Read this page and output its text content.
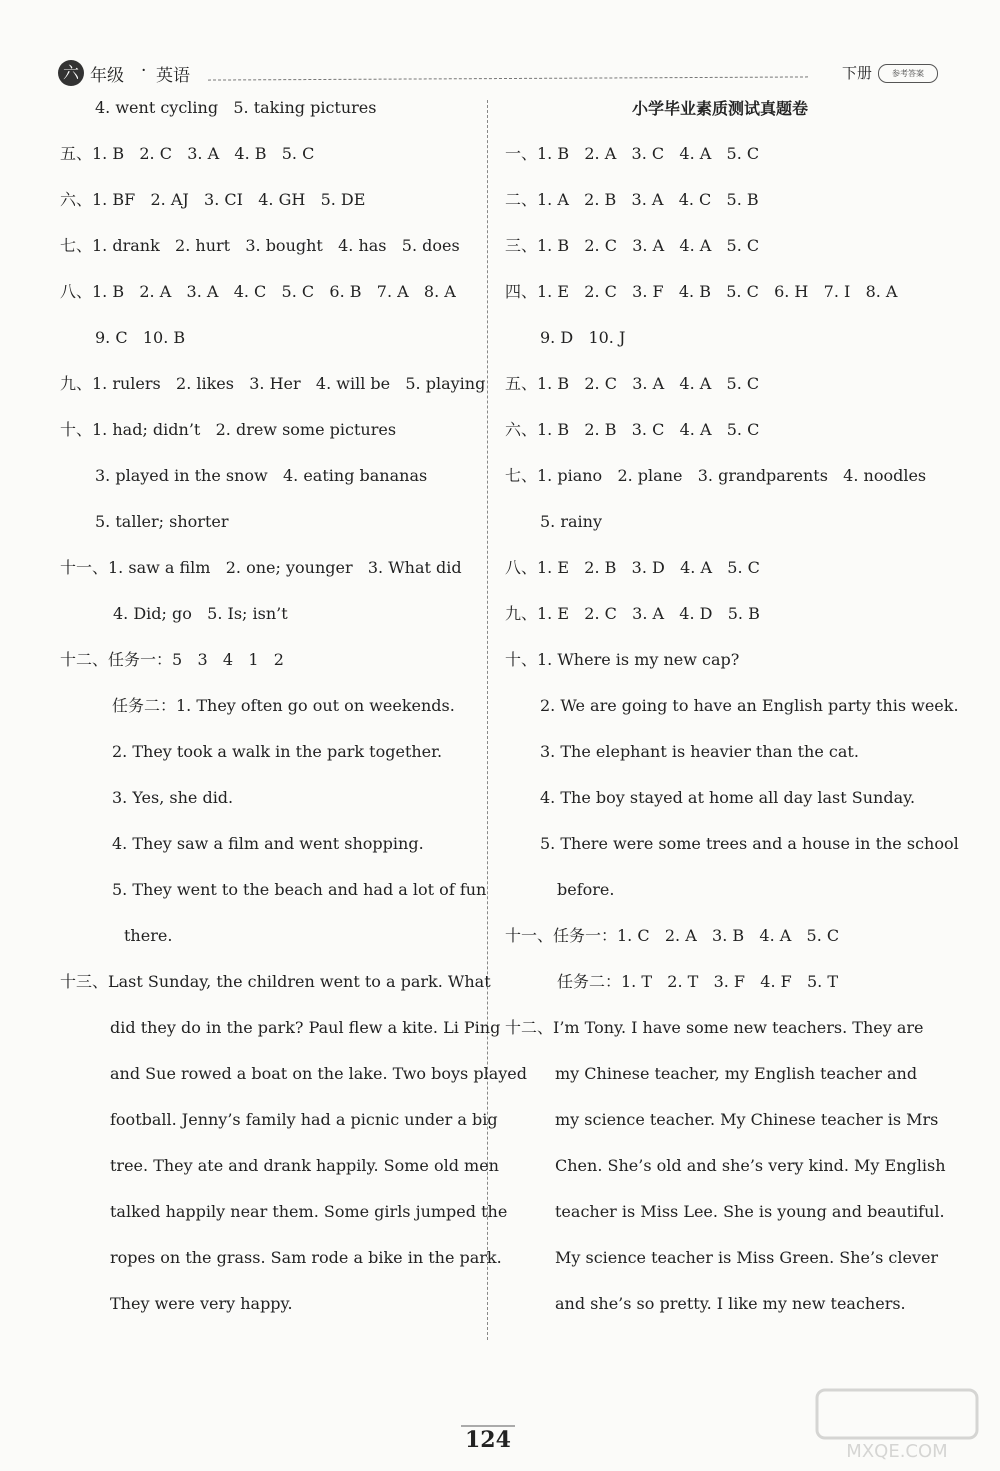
六 年级 · 英语	下册	参考答案
4. went cycling   5. taking pictures
五、1. B   2. C   3. A   4. B   5. C
六、1. BF   2. AJ   3. CI   4. GH   5. DE
七、1. drank   2. hurt   3. bought   4. has   5. does
八、1. B   2. A   3. A   4. C   5. C   6. B   7. A   8. A
9. C   10. B
九、1. rulers   2. likes   3. Her   4. will be   5. playing
十、1. had; didn’t   2. drew some pictures
3. played in the snow   4. eating bananas
5. taller; shorter
十一、1. saw a film   2. one; younger   3. What did
4. Did; go   5. Is; isn’t
十二、任务一：5   3   4   1   2
任务二：1. They often go out on weekends.
2. They took a walk in the park together.
3. Yes, she did.
4. They saw a film and went shopping.
5. They went to the beach and had a lot of fun
there.
十三、Last Sunday, the children went to a park. What
did they do in the park? Paul flew a kite. Li Ping
and Sue rowed a boat on the lake. Two boys played
football. Jenny’s family had a picnic under a big
tree. They ate and drank happily. Some old men
talked happily near them. Some girls jumped the
ropes on the grass. Sam rode a bike in the park.
They were very happy.
小学毕业素质测试真题卷
一、1. B   2. A   3. C   4. A   5. C
二、1. A   2. B   3. A   4. C   5. B
三、1. B   2. C   3. A   4. A   5. C
四、1. E   2. C   3. F   4. B   5. C   6. H   7. I   8. A
9. D   10. J
五、1. B   2. C   3. A   4. A   5. C
六、1. B   2. B   3. C   4. A   5. C
七、1. piano   2. plane   3. grandparents   4. noodles
5. rainy
八、1. E   2. B   3. D   4. A   5. C
九、1. E   2. C   3. A   4. D   5. B
十、1. Where is my new cap?
2. We are going to have an English party this week.
3. The elephant is heavier than the cat.
4. The boy stayed at home all day last Sunday.
5. There were some trees and a house in the school
before.
十一、任务一：1. C   2. A   3. B   4. A   5. C
任务二：1. T   2. T   3. F   4. F   5. T
十二、I’m Tony. I have some new teachers. They are
my Chinese teacher, my English teacher and
my science teacher. My Chinese teacher is Mrs
Chen. She’s old and she’s very kind. My English
teacher is Miss Lee. She is young and beautiful.
My science teacher is Miss Green. She’s clever
and she’s so pretty. I like my new teachers.
124	MXQE.COM
